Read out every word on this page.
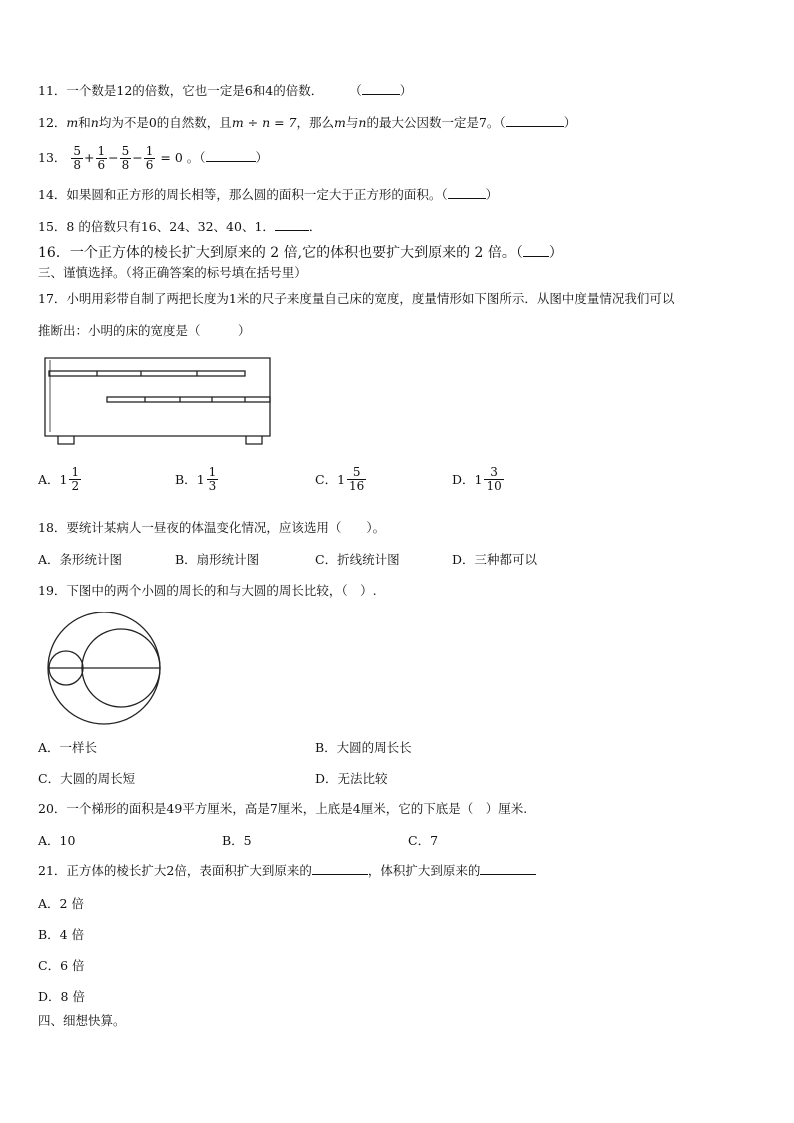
11．一个数是12的倍数，它也一定是6和4的倍数． （	）
12．m和n均为不是0的自然数，且m ÷ n = 7，那么m与n的最大公因数一定是7。（	）
13． $\frac{5}{8} + \frac{1}{6} - \frac{5}{8} - \frac{1}{6} = 0$ 。（	）
14．如果圆和正方形的周长相等，那么圆的面积一定大于正方形的面积。（	）
15．8 的倍数只有16、24、32、40、1．	．
16．一个正方体的棱长扩大到原来的 2 倍,它的体积也要扩大到原来的 2 倍。（ ）
三、谨慎选择。（将正确答案的标号填在括号里）
17．小明用彩带自制了两把长度为1米的尺子来度量自己床的宽度，度量情形如下图所示．从图中度量情况我们可以
推断出：小明的床的宽度是（　　　）
A． $1 \frac{1}{2}$	B． $1 \frac{1}{3}$	C． $1 \frac{5}{16}$	D． $1 \frac{3}{10}$
18．要统计某病人一昼夜的体温变化情况，应该选用（　　）。
A．条形统计图	B．扇形统计图	C．折线统计图	D．三种都可以
19．下图中的两个小圆的周长的和与大圆的周长比较，（　）.
A．一样长	B．大圆的周长长
C．大圆的周长短	D．无法比较
20．一个梯形的面积是49平方厘米，高是7厘米，上底是4厘米，它的下底是（　）厘米.
A．10	B．5	C．7
21．正方体的棱长扩大2倍，表面积扩大到原来的	，体积扩大到原来的
A．2 倍
B．4 倍
C．6 倍
D．8 倍
四、细想快算。
